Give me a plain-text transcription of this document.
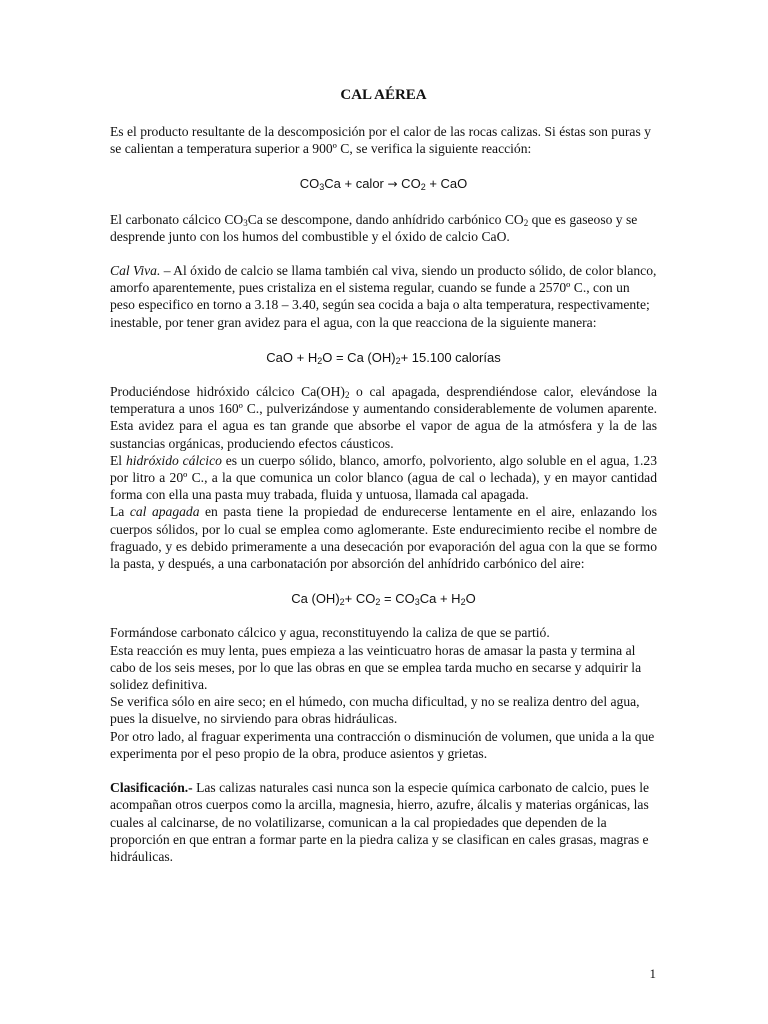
CAL AÉREA

Es el producto resultante de la descomposición por el calor de las rocas calizas. Si éstas son puras y se calientan a temperatura superior a 900º C, se verifica la siguiente reacción:

$CO_3Ca$ + calor → $CO_2$ + CaO

El carbonato cálcico $CO_3Ca$ se descompone, dando anhídrido carbónico $CO_2$ que es gaseoso y se desprende junto con los humos del combustible y el óxido de calcio CaO.

Cal Viva. – Al óxido de calcio se llama también cal viva, siendo un producto sólido, de color blanco, amorfo aparentemente, pues cristaliza en el sistema regular, cuando se funde a 2570º C., con un peso especifico en torno a 3.18 – 3.40, según sea cocida a baja o alta temperatura, respectivamente; inestable, por tener gran avidez para el agua, con la que reacciona de la siguiente manera:

CaO + $H_2O = Ca$ $(OH)_2+ 15.100$ calorías

Produciéndose hidróxido cálcico $Ca(OH)_2$ o cal apagada, desprendiéndose calor, elevándose la temperatura a unos 160º C., pulverizándose y aumentando considerablemente de volumen aparente. Esta avidez para el agua es tan grande que absorbe el vapor de agua de la atmósfera y la de las sustancias orgánicas, produciendo efectos cáusticos.

El hidróxido cálcico es un cuerpo sólido, blanco, amorfo, polvoriento, algo soluble en el agua, 1.23 por litro a 20º C., a la que comunica un color blanco (agua de cal o lechada), y en mayor cantidad forma con ella una pasta muy trabada, fluida y untuosa, llamada cal apagada.

La cal apagada en pasta tiene la propiedad de endurecerse lentamente en el aire, enlazando los cuerpos sólidos, por lo cual se emplea como aglomerante. Este endurecimiento recibe el nombre de fraguado, y es debido primeramente a una desecación por evaporación del agua con la que se formo la pasta, y después, a una carbonatación por absorción del anhídrido carbónico del aire:

Ca $(OH)_2+ CO_2 = CO_3Ca + H_2O$

Formándose carbonato cálcico y agua, reconstituyendo la caliza de que se partió.

Esta reacción es muy lenta, pues empieza a las veinticuatro horas de amasar la pasta y termina al cabo de los seis meses, por lo que las obras en que se emplea tarda mucho en secarse y adquirir la solidez definitiva.

Se verifica sólo en aire seco; en el húmedo, con mucha dificultad, y no se realiza dentro del agua, pues la disuelve, no sirviendo para obras hidráulicas.

Por otro lado, al fraguar experimenta una contracción o disminución de volumen, que unida a la que experimenta por el peso propio de la obra, produce asientos y grietas.

Clasificación.- Las calizas naturales casi nunca son la especie química carbonato de calcio, pues le acompañan otros cuerpos como la arcilla, magnesia, hierro, azufre, álcalis y materias orgánicas, las cuales al calcinarse, de no volatilizarse, comunican a la cal propiedades que dependen de la proporción en que entran a formar parte en la piedra caliza y se clasifican en cales grasas, magras e hidráulicas.

1
